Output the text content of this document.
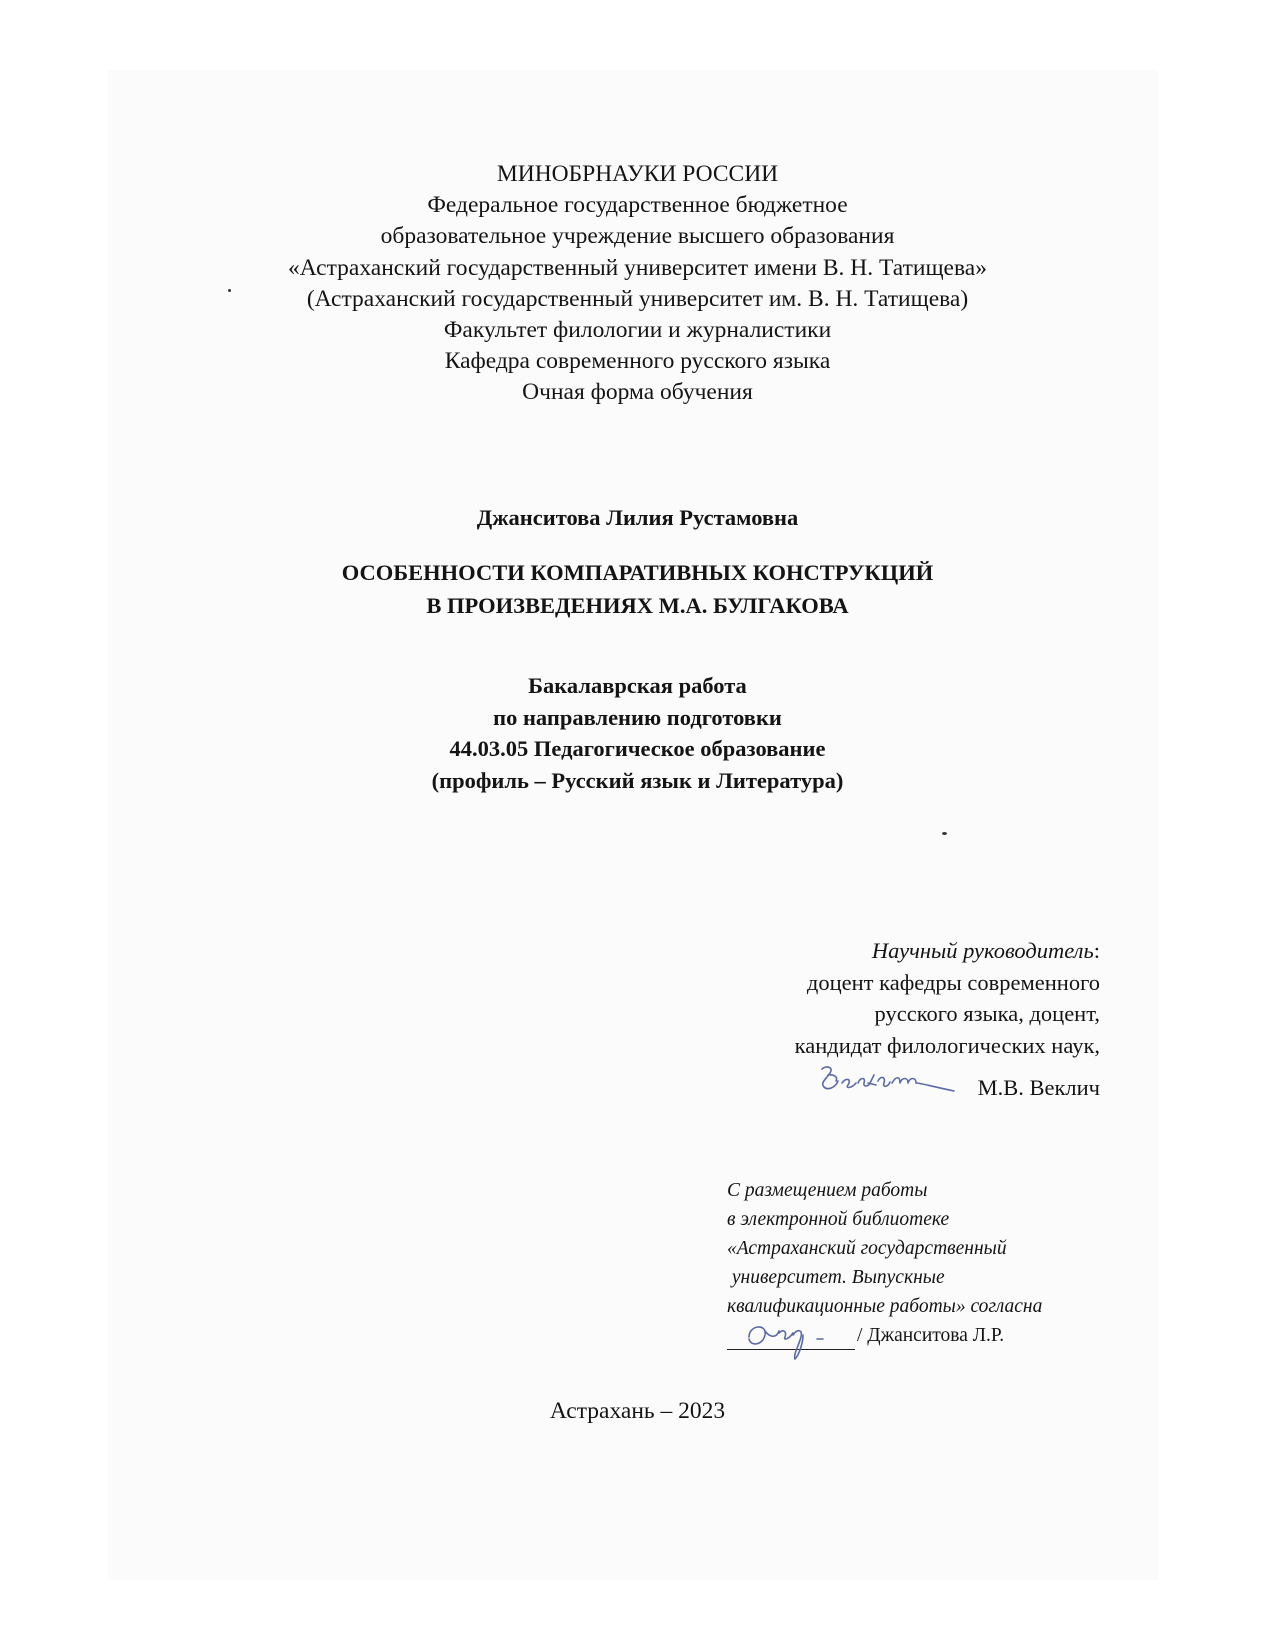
МИНОБРНАУКИ РОССИИ
Федеральное государственное бюджетное
образовательное учреждение высшего образования
«Астраханский государственный университет имени В. Н. Татищева»
(Астраханский государственный университет им. В. Н. Татищева)
Факультет филологии и журналистики
Кафедра современного русского языка
Очная форма обучения
Джанситова Лилия Рустамовна
ОСОБЕННОСТИ КОМПАРАТИВНЫХ КОНСТРУКЦИЙ
В ПРОИЗВЕДЕНИЯХ М.А. БУЛГАКОВА
Бакалаврская работа
по направлению подготовки
44.03.05 Педагогическое образование
(профиль – Русский язык и Литература)
Научный руководитель:
доцент кафедры современного
русского языка, доцент,
кандидат филологических наук,
М.В. Веклич
С размещением работы
в электронной библиотеке
«Астраханский государственный
университет. Выпускные
квалификационные работы» согласна
/ Джанситова Л.Р.
Астрахань – 2023
